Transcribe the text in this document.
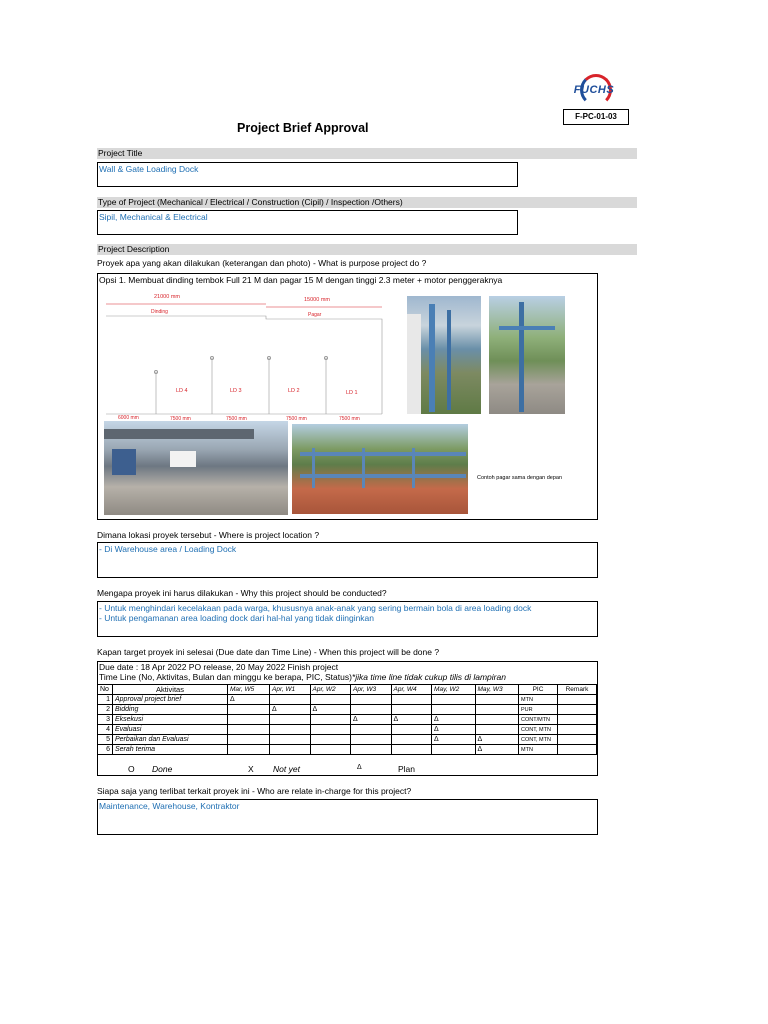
FUCHS
F-PC-01-03
Project Brief Approval
Project Title
Wall & Gate Loading Dock
Type of Project (Mechanical / Electrical / Construction (Cipil) / Inspection /Others)
Sipil, Mechanical & Electrical
Project Description
Proyek apa yang akan dilakukan (keterangan dan photo) - What is purpose project do ?
Opsi 1. Membuat dinding tembok Full 21 M dan pagar 15 M dengan tinggi 2.3 meter + motor penggeraknya
21000 mm	15000 mm
Dinding	Pagar
LD 4	LD 3	LD 2	LD 1
6000 mm	7500 mm	7500 mm	7500 mm	7500 mm
Contoh pagar sama dengan depan
Dimana lokasi proyek tersebut - Where is project location ?
- Di Warehouse area / Loading Dock
Mengapa proyek ini harus dilakukan - Why this project should be conducted?
- Untuk menghindari kecelakaan pada warga, khususnya anak-anak yang sering bermain bola di area loading dock
- Untuk pengamanan area loading dock dari hal-hal yang tidak diinginkan
Kapan target proyek ini selesai (Due date dan Time Line) - When this project will be done ?
Due date : 18 Apr 2022 PO release, 20 May 2022 Finish project
Time Line (No, Aktivitas, Bulan dan minggu ke berapa, PIC, Status)*jika time line tidak cukup tilis di lampiran
No	Aktivitas	Mar, W5	Apr, W1	Apr, W2	Apr, W3	Apr, W4	May, W2	May, W3	PIC	Remark
1	Approval project brief	Δ							MTN	
2	Bidding		Δ	Δ					PUR	
3	Eksekusi				Δ	Δ	Δ		CONT/MTN	
4	Evaluasi						Δ		CONT, MTN	
5	Perbaikan dan Evaluasi						Δ	Δ	CONT, MTN	
6	Serah terima							Δ	MTN	
O Done	X Not yet	Δ	Plan
Siapa saja yang terlibat terkait proyek ini - Who are relate in-charge for this project?
Maintenance, Warehouse, Kontraktor
